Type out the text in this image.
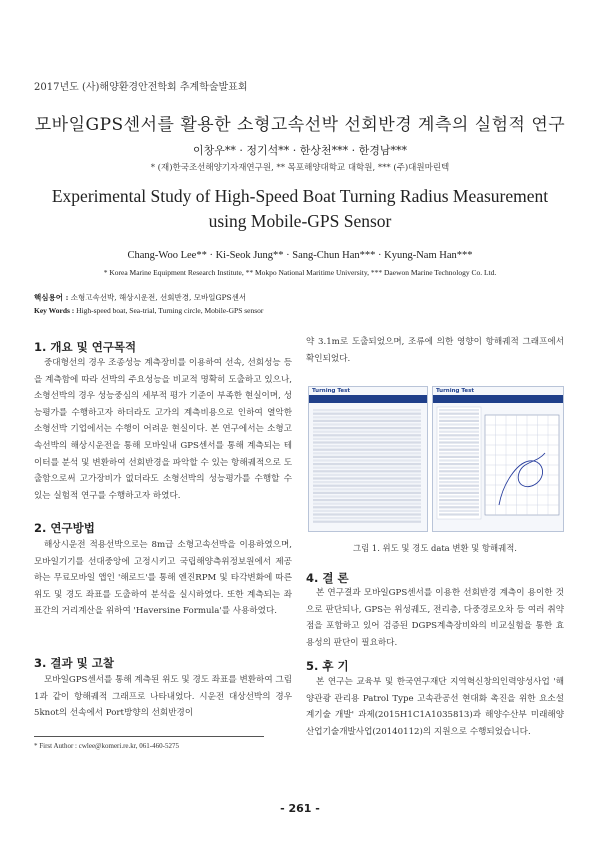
2017년도 (사)해양환경안전학회 추계학술발표회
모바일GPS센서를 활용한 소형고속선박 선회반경 계측의 실험적 연구
이창우** · 정기석** · 한상천*** · 한경남***
* (재)한국조선해양기자재연구원, ** 목포해양대학교 대학원, *** (주)대원마린텍
Experimental Study of High-Speed Boat Turning Radius Measurement using Mobile-GPS Sensor
Chang-Woo Lee** · Ki-Seok Jung** · Sang-Chun Han*** · Kyung-Nam Han***
* Korea Marine Equipment Research Institute, ** Mokpo National Maritime University, *** Daewon Marine Technology Co. Ltd.
핵심용어 : 소형고속선박, 해상시운전, 선회반경, 모바일GPS센서
Key Words : High-speed boat, Sea-trial, Turning circle, Mobile-GPS sensor
1. 개요 및 연구목적
중대형선의 경우 조종성능 계측장비를 이용하여 선속, 선회성능 등을 계측함에 따라 선박의 주요성능을 비교적 명확히 도출하고 있으나, 소형선박의 경우 성능중심의 세부적 평가 기준이 부족한 현실이며, 성능평가를 수행하고자 하더라도 고가의 계측비용으로 인하여 열악한 소형선박 기업에서는 수행이 어려운 현실이다. 본 연구에서는 소형고속선박의 해상시운전을 통해 모바일내 GPS센서를 통해 계측되는 테이터를 분석 및 변환하여 선회반경을 파악할 수 있는 항해궤적으로 도출함으로써 고가장비가 없더라도 소형선박의 성능평가를 수행할 수 있는 실험적 연구를 수행하고자 하였다.
2. 연구방법
해상시운전 적용선박으로는 8m급 소형고속선박을 이용하였으며, 모바일기기를 선대중앙에 고정시키고 국립해양측위정보원에서 제공하는 무료모바일 앱인 '해로드'를 통해 엔진RPM 및 타각변화에 따른 위도 및 경도 좌표를 도출하여 분석을 실시하였다. 또한 계측되는 좌표간의 거리계산을 위하여 'Haversine Formula'를 사용하였다.
3. 결과 및 고찰
모바일GPS센서를 통해 계측된 위도 및 경도 좌표를 변환하여 그림1과 같이 항해궤적 그래프로 나타내었다. 시운전 대상선박의 경우 5knot의 선속에서 Port방향의 선회반경이
* First Author : cwlee@komeri.re.kr, 061-460-5275
약 3.1m로 도출되었으며, 조류에 의한 영향이 항해궤적 그래프에서 확인되었다.
Turning Test	Turning Test
그림 1. 위도 및 경도 data 변환 및 항해궤적.
4. 결 론
본 연구결과 모바일GPS센서를 이용한 선회반경 계측이 용이한 것으로 판단되나, GPS는 위성궤도, 전리층, 다중경로오차 등 여러 취약점을 포함하고 있어 검증된 DGPS계측장비와의 비교실험을 통한 효용성의 판단이 필요하다.
5. 후 기
본 연구는 교육부 및 한국연구재단 지역혁신창의인력양성사업 '해양관광 관리용 Patrol Type 고속관공선 현대화 촉진을 위한 요소설계기술 개발' 과제(2015H1C1A1035813)과 해양수산부 미래해양산업기술개발사업(20140112)의 지원으로 수행되었습니다.
- 261 -
